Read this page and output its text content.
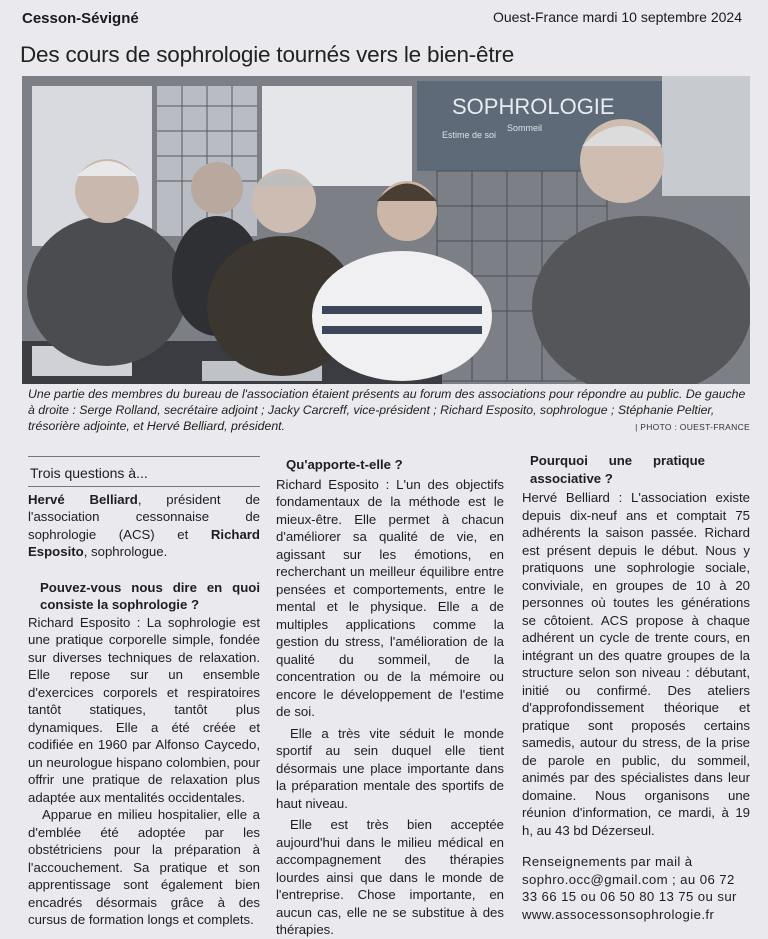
Cesson-Sévigné	Ouest-France mardi 10 septembre 2024
Des cours de sophrologie tournés vers le bien-être
SOPHROLOGIE
Estime de soi
Sommeil
Une partie des membres du bureau de l'association étaient présents au forum des associations pour répondre au public. De gauche à droite : Serge Rolland, secrétaire adjoint ; Jacky Carcreff, vice-président ; Richard Esposito, sophrologue ; Stéphanie Peltier, trésorière adjointe, et Hervé Belliard, président.	| PHOTO : OUEST-FRANCE
Trois questions à...

Hervé Belliard, président de l'association cessonnaise de sophrologie (ACS) et Richard Esposito, sophrologue.

Pouvez-vous nous dire en quoi consiste la sophrologie ?

Richard Esposito : La sophrologie est une pratique corporelle simple, fondée sur diverses techniques de relaxation. Elle repose sur un ensemble d'exercices corporels et respiratoires tantôt statiques, tantôt plus dynamiques. Elle a été créée et codifiée en 1960 par Alfonso Caycedo, un neurologue hispano colombien, pour offrir une pratique de relaxation plus adaptée aux mentalités occidentales.

Apparue en milieu hospitalier, elle a d'emblée été adoptée par les obstétriciens pour la préparation à l'accouchement. Sa pratique et son apprentissage sont également bien encadrés désormais grâce à des cursus de formation longs et complets.

Qu'apporte-t-elle ?

Richard Esposito : L'un des objectifs fondamentaux de la méthode est le mieux-être. Elle permet à chacun d'améliorer sa qualité de vie, en agissant sur les émotions, en recherchant un meilleur équilibre entre pensées et comportements, entre le mental et le physique. Elle a de multiples applications comme la gestion du stress, l'amélioration de la qualité du sommeil, de la concentration ou de la mémoire ou encore le développement de l'estime de soi.

Elle a très vite séduit le monde sportif au sein duquel elle tient désormais une place importante dans la préparation mentale des sportifs de haut niveau.

Elle est très bien acceptée aujourd'hui dans le milieu médical en accompagnement des thérapies lourdes ainsi que dans le monde de l'entreprise. Chose importante, en aucun cas, elle ne se substitue à des thérapies.

Pourquoi une pratique associative ?

Hervé Belliard : L'association existe depuis dix-neuf ans et comptait 75 adhérents la saison passée. Richard est présent depuis le début. Nous y pratiquons une sophrologie sociale, conviviale, en groupes de 10 à 20 personnes où toutes les générations se côtoient. ACS propose à chaque adhérent un cycle de trente cours, en intégrant un des quatre groupes de la structure selon son niveau : débutant, initié ou confirmé. Des ateliers d'approfondissement théorique et pratique sont proposés certains samedis, autour du stress, de la prise de parole en public, du sommeil, animés par des spécialistes dans leur domaine. Nous organisons une réunion d'information, ce mardi, à 19 h, au 43 bd Dézerseul.

Renseignements par mail à sophro.occ@gmail.com ; au 06 72 33 66 15 ou 06 50 80 13 75 ou sur www.assocessonsophrologie.fr
